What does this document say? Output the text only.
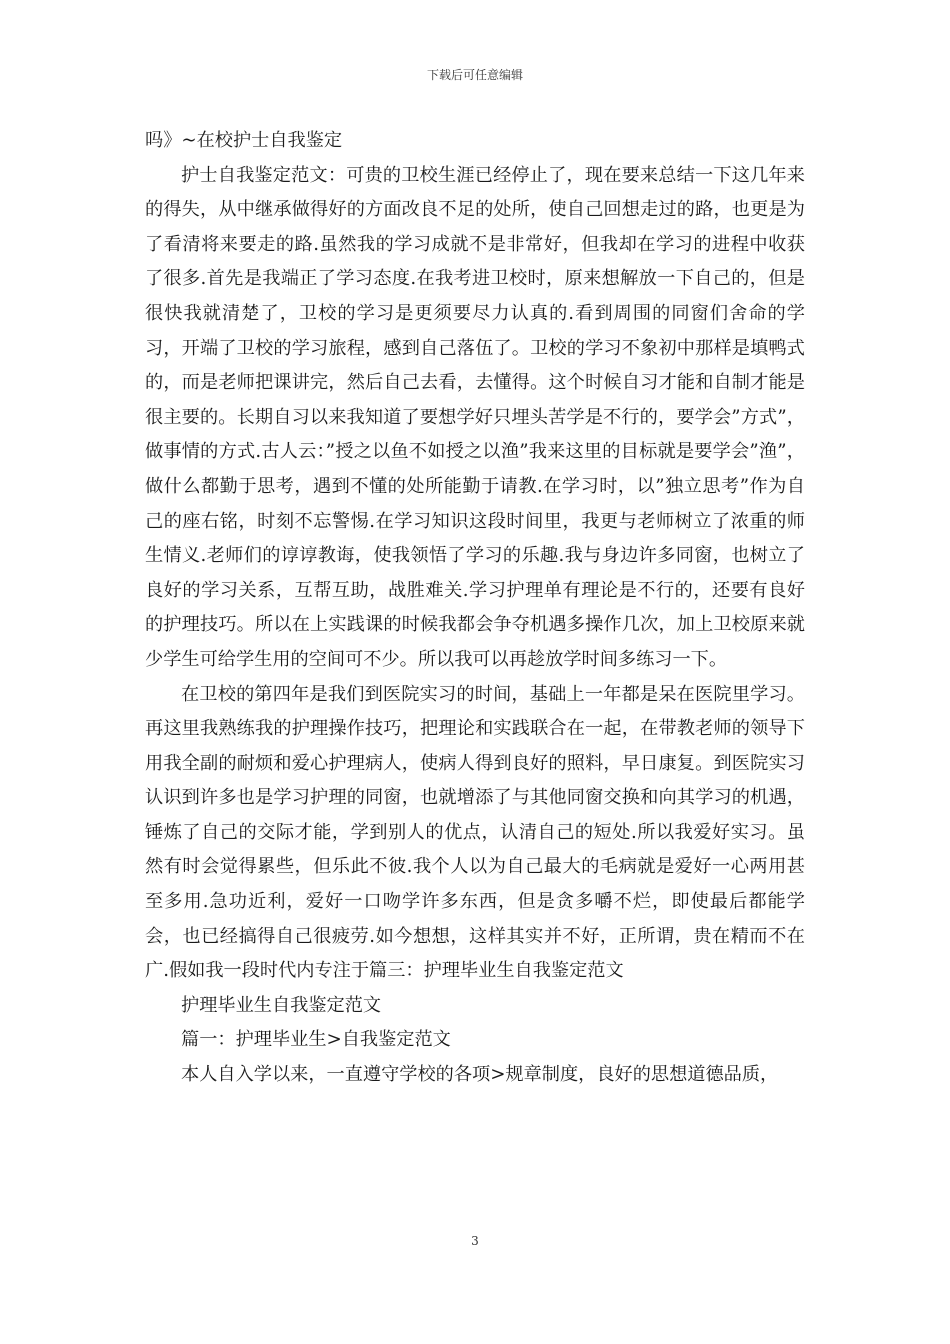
下载后可任意编辑

吗》~在校护士自我鉴定

护士自我鉴定范文：可贵的卫校生涯已经停止了，现在要来总结一下这几年来的得失，从中继承做得好的方面改良不足的处所，使自己回想走过的路，也更是为了看清将来要走的路.虽然我的学习成就不是非常好，但我却在学习的进程中收获了很多.首先是我端正了学习态度.在我考进卫校时，原来想解放一下自己的，但是很快我就清楚了，卫校的学习是更须要尽力认真的.看到周围的同窗们舍命的学习，开端了卫校的学习旅程，感到自己落伍了。卫校的学习不象初中那样是填鸭式的，而是老师把课讲完，然后自己去看，去懂得。这个时候自习才能和自制才能是很主要的。长期自习以来我知道了要想学好只埋头苦学是不行的，要学会”方式”，做事情的方式.古人云：”授之以鱼不如授之以渔”我来这里的目标就是要学会”渔”，做什么都勤于思考，遇到不懂的处所能勤于请教.在学习时，以”独立思考”作为自己的座右铭，时刻不忘警惕.在学习知识这段时间里，我更与老师树立了浓重的师生情义.老师们的谆谆教诲，使我领悟了学习的乐趣.我与身边许多同窗，也树立了良好的学习关系，互帮互助，战胜难关.学习护理单有理论是不行的，还要有良好的护理技巧。所以在上实践课的时候我都会争夺机遇多操作几次，加上卫校原来就少学生可给学生用的空间可不少。所以我可以再趁放学时间多练习一下。

在卫校的第四年是我们到医院实习的时间，基础上一年都是呆在医院里学习。再这里我熟练我的护理操作技巧，把理论和实践联合在一起，在带教老师的领导下用我全副的耐烦和爱心护理病人，使病人得到良好的照料，早日康复。到医院实习认识到许多也是学习护理的同窗，也就增添了与其他同窗交换和向其学习的机遇，锤炼了自己的交际才能，学到别人的优点，认清自己的短处.所以我爱好实习。虽然有时会觉得累些，但乐此不彼.我个人以为自己最大的毛病就是爱好一心两用甚至多用.急功近利，爱好一口吻学许多东西，但是贪多嚼不烂，即使最后都能学会，也已经搞得自己很疲劳.如今想想，这样其实并不好，正所谓，贵在精而不在广.假如我一段时代内专注于篇三：护理毕业生自我鉴定范文

护理毕业生自我鉴定范文

篇一：护理毕业生>自我鉴定范文

本人自入学以来，一直遵守学校的各项>规章制度，良好的思想道德品质，

3
